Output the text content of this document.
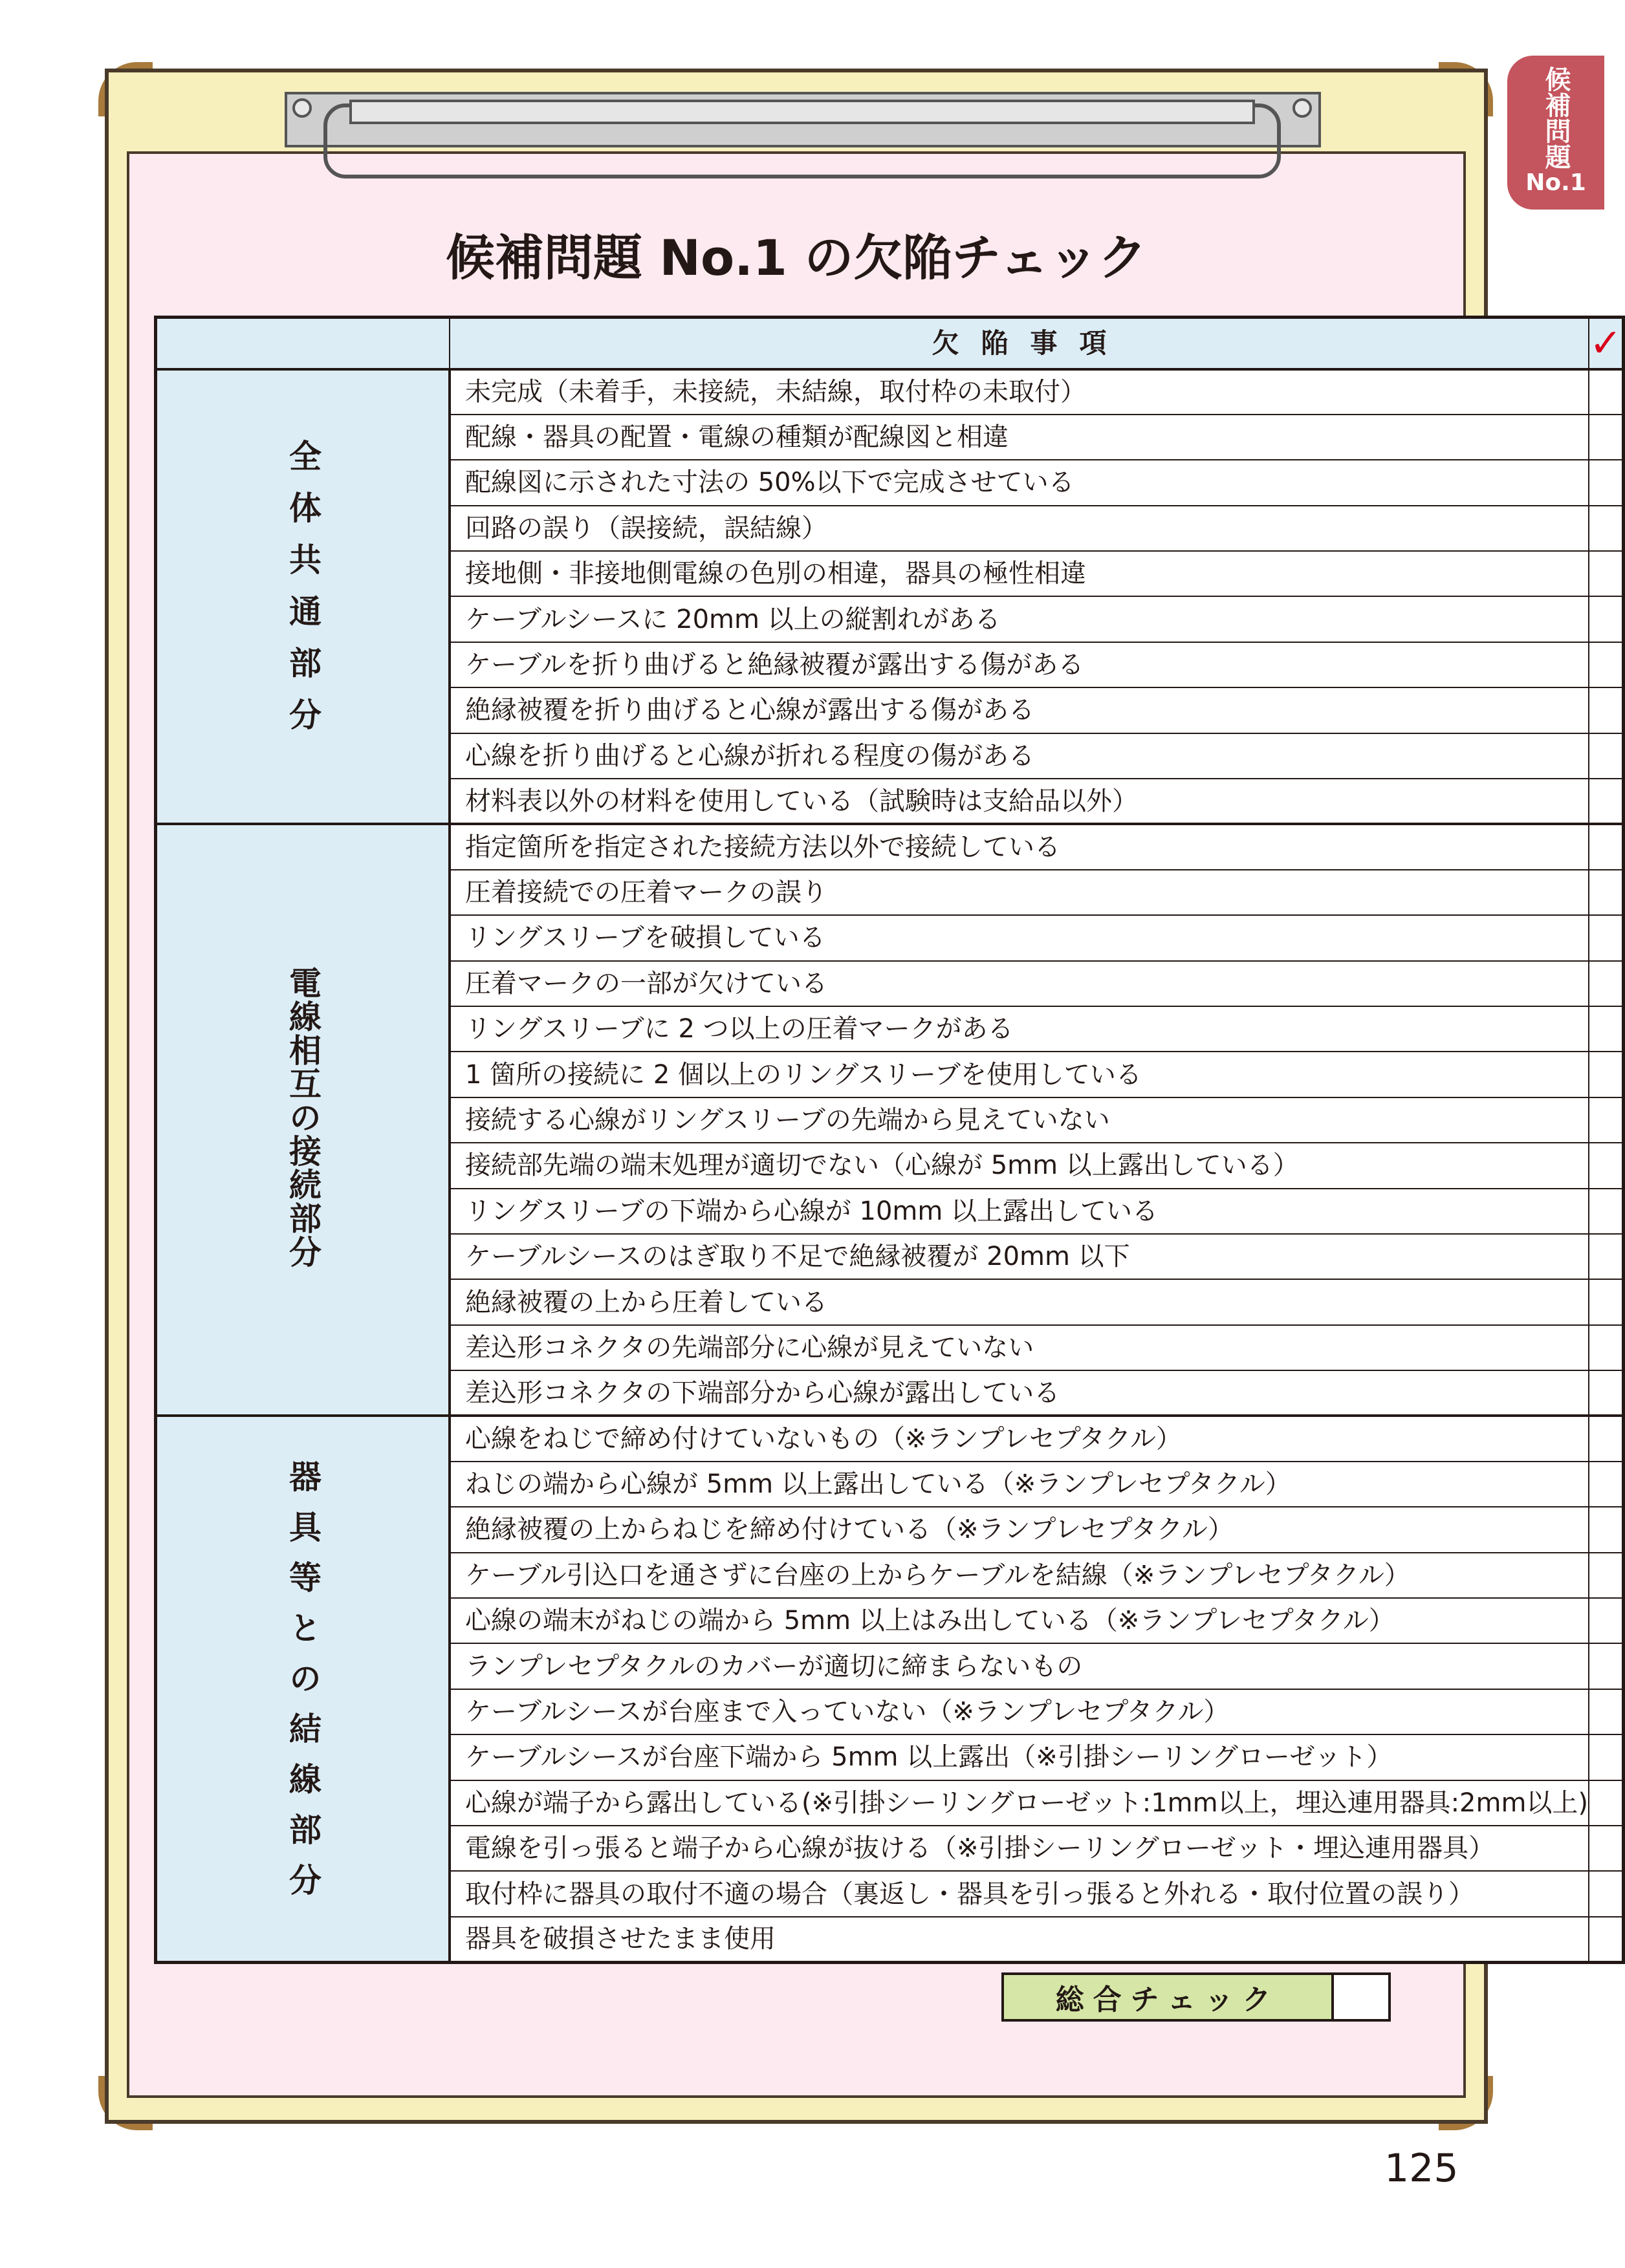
候補問題
No.1
候補問題 No.1 の欠陥チェック
	欠陥事項	✓
全体共通部分	未完成（未着手，未接続，未結線，取付枠の未取付）	
	配線・器具の配置・電線の種類が配線図と相違	
	配線図に示された寸法の 50%以下で完成させている	
	回路の誤り（誤接続，誤結線）	
	接地側・非接地側電線の色別の相違，器具の極性相違	
	ケーブルシースに 20mm 以上の縦割れがある	
	ケーブルを折り曲げると絶縁被覆が露出する傷がある	
	絶縁被覆を折り曲げると心線が露出する傷がある	
	心線を折り曲げると心線が折れる程度の傷がある	
	材料表以外の材料を使用している（試験時は支給品以外）	
電線相互の接続部分	指定箇所を指定された接続方法以外で接続している	
	圧着接続での圧着マークの誤り	
	リングスリーブを破損している	
	圧着マークの一部が欠けている	
	リングスリーブに 2 つ以上の圧着マークがある	
	1 箇所の接続に 2 個以上のリングスリーブを使用している	
	接続する心線がリングスリーブの先端から見えていない	
	接続部先端の端末処理が適切でない（心線が 5mm 以上露出している）	
	リングスリーブの下端から心線が 10mm 以上露出している	
	ケーブルシースのはぎ取り不足で絶縁被覆が 20mm 以下	
	絶縁被覆の上から圧着している	
	差込形コネクタの先端部分に心線が見えていない	
	差込形コネクタの下端部分から心線が露出している	
器具等との結線部分	心線をねじで締め付けていないもの（※ランプレセプタクル）	
	ねじの端から心線が 5mm 以上露出している（※ランプレセプタクル）	
	絶縁被覆の上からねじを締め付けている（※ランプレセプタクル）	
	ケーブル引込口を通さずに台座の上からケーブルを結線（※ランプレセプタクル）	
	心線の端末がねじの端から 5mm 以上はみ出している（※ランプレセプタクル）	
	ランプレセプタクルのカバーが適切に締まらないもの	
	ケーブルシースが台座まで入っていない（※ランプレセプタクル）	
	ケーブルシースが台座下端から 5mm 以上露出（※引掛シーリングローゼット）	
	心線が端子から露出している(※引掛シーリングローゼット:1mm以上，埋込連用器具:2mm以上)	
	電線を引っ張ると端子から心線が抜ける（※引掛シーリングローゼット・埋込連用器具）	
	取付枠に器具の取付不適の場合（裏返し・器具を引っ張ると外れる・取付位置の誤り）	
	器具を破損させたまま使用	
総合チェック	
125
